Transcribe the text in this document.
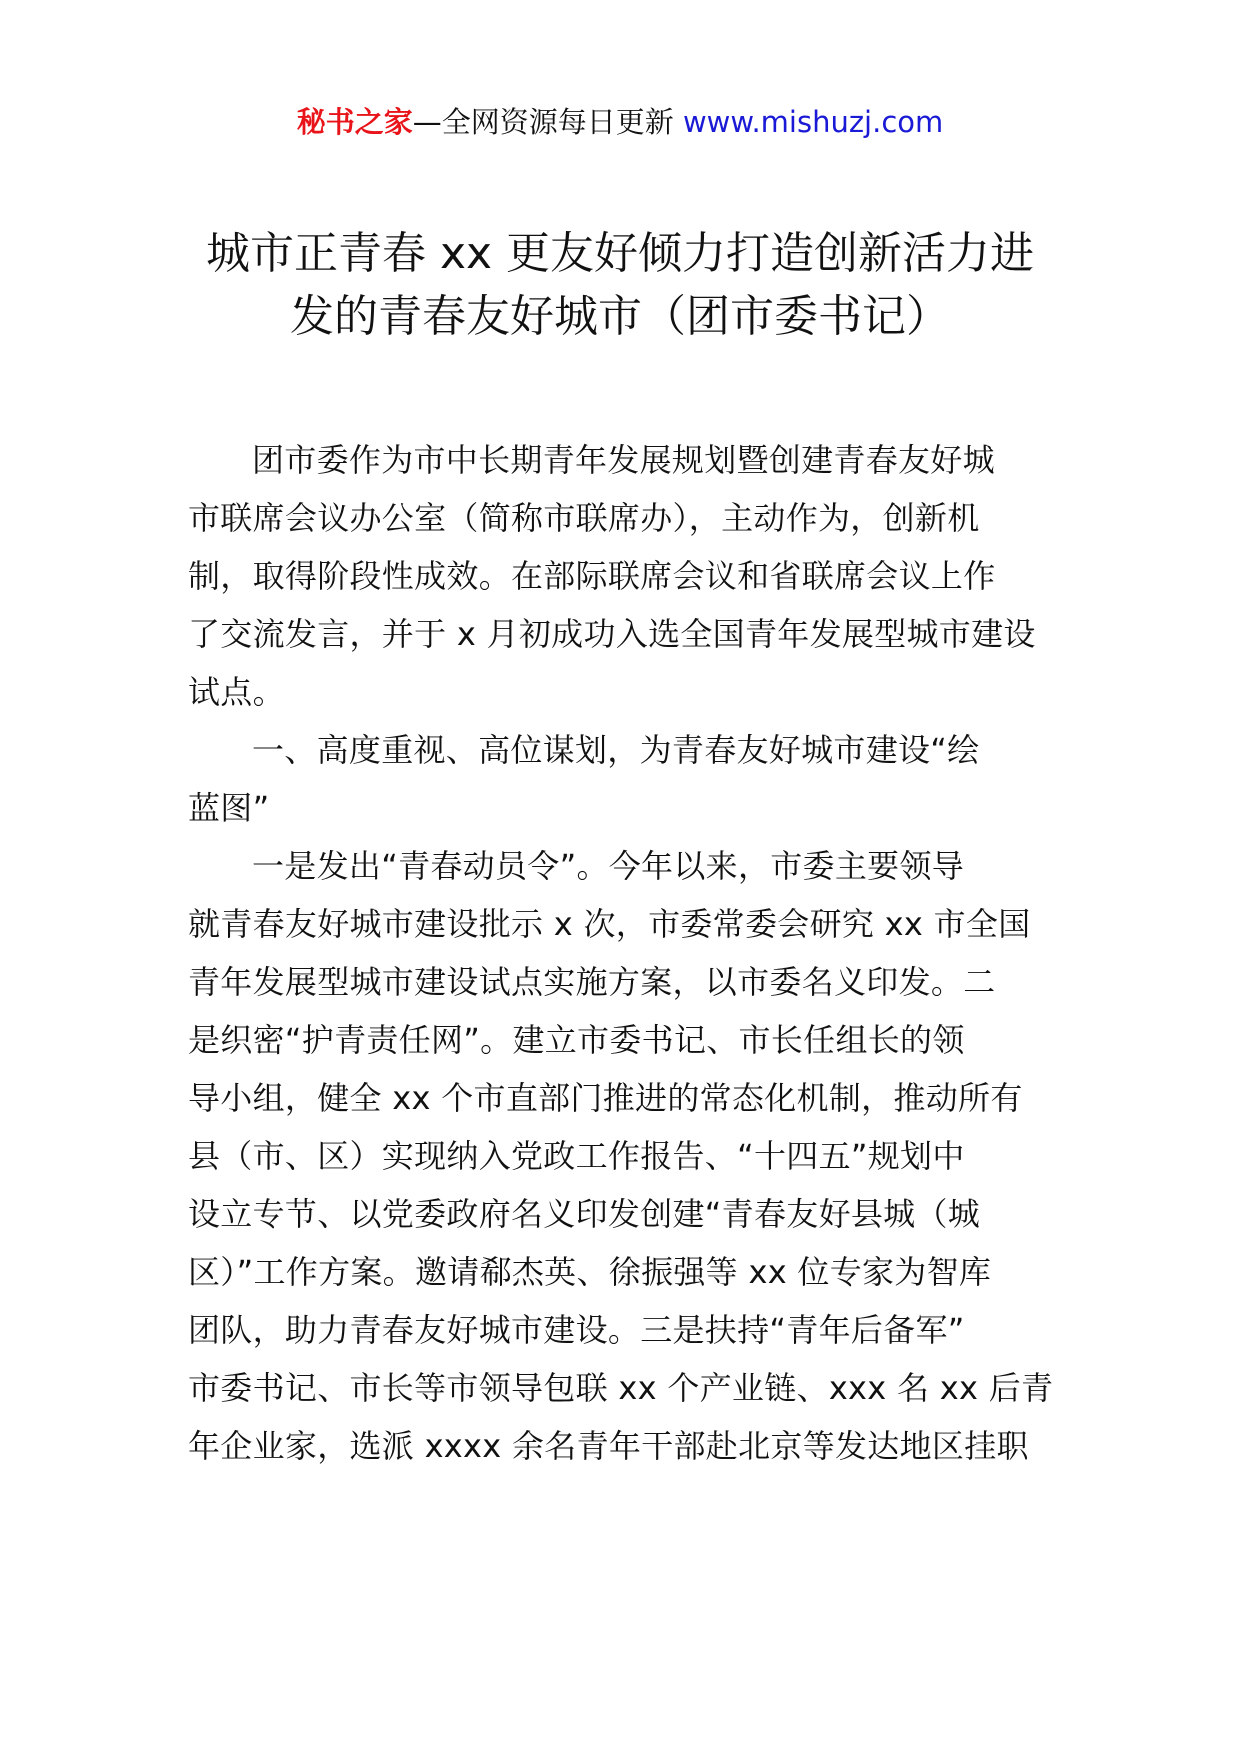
秘书之家—全网资源每日更新 www.mishuzj.com
城市正青春 xx 更友好倾力打造创新活力进
发的青春友好城市（团市委书记）
团市委作为市中长期青年发展规划暨创建青春友好城
市联席会议办公室（简称市联席办），主动作为，创新机
制，取得阶段性成效。在部际联席会议和省联席会议上作
了交流发言，并于 x 月初成功入选全国青年发展型城市建设
试点。
一、高度重视、高位谋划，为青春友好城市建设“绘
蓝图”
一是发出“青春动员令”。今年以来，市委主要领导
就青春友好城市建设批示 x 次，市委常委会研究 xx 市全国
青年发展型城市建设试点实施方案，以市委名义印发。二
是织密“护青责任网”。建立市委书记、市长任组长的领
导小组，健全 xx 个市直部门推进的常态化机制，推动所有
县（市、区）实现纳入党政工作报告、“十四五”规划中
设立专节、以党委政府名义印发创建“青春友好县城（城
区）”工作方案。邀请郗杰英、徐振强等 xx 位专家为智库
团队，助力青春友好城市建设。三是扶持“青年后备军”
市委书记、市长等市领导包联 xx 个产业链、xxx 名 xx 后青
年企业家，选派 xxxx 余名青年干部赴北京等发达地区挂职
